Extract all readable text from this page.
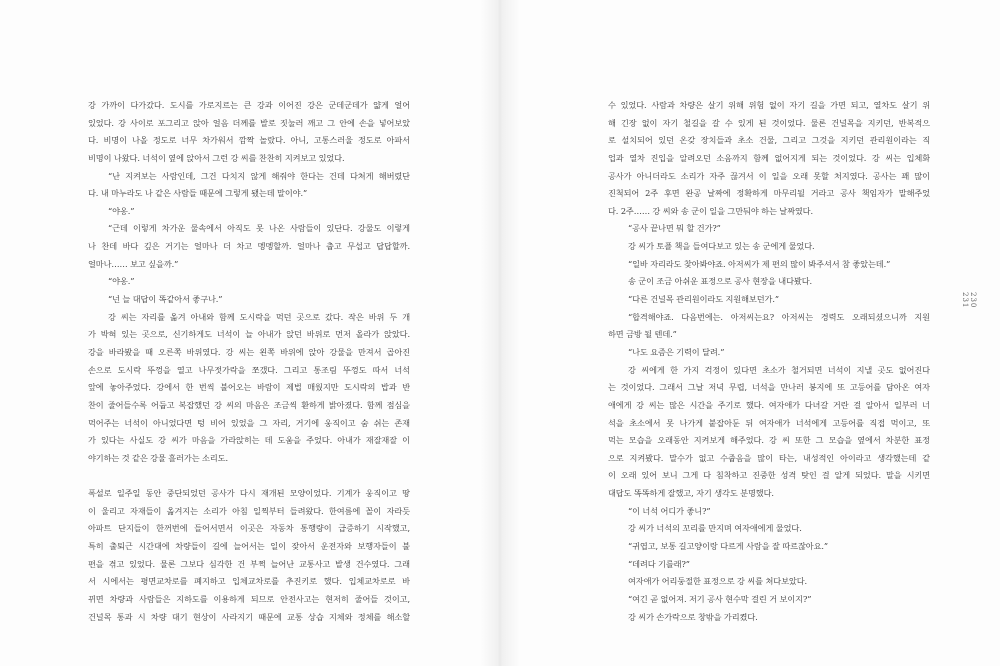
강 가까이 다가갔다. 도시를 가로지르는 큰 강과 이어진 강은 군데군데가 얇게 얼어
있었다. 강 사이로 포그리고 앉아 얼음 더께를 발로 짓눌러 깨고 그 안에 손을 넣어보았
다. 비명이 나올 정도로 너무 차가워서 깜짝 놀랐다. 아니, 고통스러울 정도로 아파서
비명이 나왔다. 너석이 옆에 앉아서 그런 강 씨를 찬찬히 지켜보고 있었다.
“난 지켜보는 사람인데, 그건 다치지 않게 해줘야 한다는 건데 다쳐게 해버렸단
다. 내 마누라도 나 같은 사람들 때문에 그렇게 됐는데 말이야.”
“야옹.”
“근데 이렇게 차가운 물속에서 아직도 못 나온 사람들이 있단다. 강물도 이렇게
나 찬데 바다 깊은 거기는 얼마나 더 차고 멩멩할까. 얼마나 춥고 무섭고 답답할까.
얼마나…… 보고 싶을까.”
“야옹.”
“넌 늘 대답이 똑같아서 좋구나.”
강 씨는 자리를 옮겨 아내와 함께 도시락을 먹던 곳으로 갔다. 작은 바위 두 개
가 박혀 있는 곳으로, 신기하게도 너석이 늘 아내가 앉던 바위로 먼저 올라가 앉았다.
강을 바라봤을 때 오른쪽 바위였다. 강 씨는 왼쪽 바위에 앉아 강물을 만져서 곱아진
손으로 도시락 뚜껑을 열고 나무젓가락을 쪼갰다. 그리고 통조림 뚜껑도 따서 너석
앞에 놓아주었다. 강에서 한 번씩 불어오는 바람이 제법 매웠지만 도시락의 밥과 반
찬이 줄어들수록 어둡고 복잡했던 강 씨의 마음은 조금씩 환하게 밝아졌다. 함께 점심을
먹어주는 너석이 아니었다면 텅 비어 있었을 그 자리, 거기에 웅직이고 숨 쉬는 존재
가 있다는 사실도 강 씨가 마음을 가라앉히는 데 도움을 주었다. 아내가 재잘재잘 이
야기하는 것 같은 강물 흘러가는 소리도.
폭설로 일주일 동안 중단되었던 공사가 다시 재개된 모양이었다. 기계가 웅직이고 땅
이 울리고 자재들이 옮겨지는 소리가 아침 일찍부터 들려왔다. 한여름에 꼴이 자라듯
아파트 단지들이 한꺼번에 들어서면서 이곳은 자동차 통행량이 급증하기 시작했고,
특히 출퇴근 시간대에 차량들이 길에 늘어서는 일이 잦아서 운전자와 보행자들이 불
편을 겪고 있었다. 물론 그보다 심각한 건 부쩍 늘어난 교통사고 발생 건수였다. 그래
서 시에서는 평면교차로를 폐지하고 입체교차로를 추진키로 했다. 입체교차로로 바
뀌면 차량과 사람들은 지하도를 이용하게 되므로 안전사고는 현저히 줄어들 것이고,
건널목 통과 시 차량 대기 현상이 사라지기 때문에 교통 상습 지체와 정체를 해소할
수 있었다. 사람과 차량은 살기 위해 위험 없이 자기 길을 가면 되고, 열차도 살기 위
해 긴장 없이 자기 철길을 갈 수 있게 된 것이었다. 물론 건널목을 지키던, 반복적으
로 설치되어 있던 온갖 장치들과 초소 건물, 그리고 그것을 지키던 관리원이라는 직
업과 열차 진입을 알려오던 소음까지 함께 없어지게 되는 것이었다. 강 씨는 입체화
공사가 아니더라도 소리가 자주 끊겨서 이 일을 오래 못할 처지였다. 공사는 꽤 많이
진척되어 2주 후면 완공 날짜에 정확하게 마무리될 거라고 공사 책임자가 말해주었
다. 2주…… 강 씨와 송 군이 일을 그만둬야 하는 날짜였다.
“공사 끝나면 뭐 할 건가?”
강 씨가 토플 책을 들여다보고 있는 송 군에게 물었다.
“일바 자리라도 찾아봐야죠. 아저씨가 제 편의 많이 봐주셔서 참 좋았는데.”
송 군이 조금 아쉬운 표정으로 공사 현장을 내다봤다.
“다른 건널목 관리원이라도 지원해보던가.”
“합격해야죠. 다음번에는. 아저씨는요? 아저씨는 경력도 오래되셨으니까 지원
하면 금방 될 텐데.”
“나도 요즘은 기력이 달려.”
강 씨에게 한 가지 걱정이 있다면 초소가 철거되면 너석이 지낼 곳도 없어진다
는 것이었다. 그래서 그날 저녁 무렵, 너석을 만나러 봉지에 또 고등어를 담아온 여자
애에게 강 씨는 많은 시간을 주기로 했다. 여자애가 다녀갈 거란 걸 알아서 일부러 너
석을 초소에서 못 나가게 붙잡아둔 뒤 여자애가 너석에게 고등어를 직접 먹이고, 또
먹는 모습을 오래동안 지켜보게 해주었다. 강 씨 또한 그 모습을 옆에서 차분한 표정
으로 지켜봤다. 말수가 없고 수줍음을 많이 타는, 내성적인 아이라고 생각했는데 같
이 오래 있어 보니 그게 다 침착하고 진중한 성격 탓인 걸 알게 되었다. 말을 시키면
대답도 똑똑하게 잘했고, 자기 생각도 분명했다.
“이 너석 어디가 좋니?”
강 씨가 너석의 꼬리를 만지며 여자애에게 물었다.
“귀엽고, 보통 길고양이랑 다르게 사람을 잘 따르잖아요.”
“데려다 기를래?”
여자애가 어리둥절한 표정으로 강 씨를 쳐다보았다.
“여긴 곧 없어져. 저기 공사 현수막 걸린 거 보이지?”
강 씨가 손가락으로 창밖을 가리켰다.
230
231
